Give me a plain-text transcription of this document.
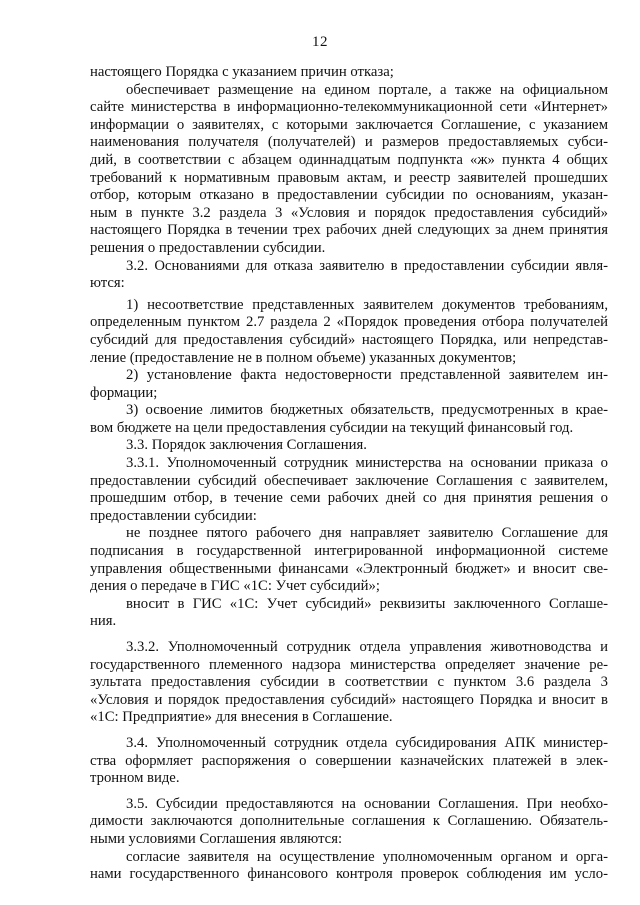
12
настоящего Порядка с указанием причин отказа;
обеспечивает размещение на едином портале, а также на официальном
сайте министерства в информационно-телекоммуникационной сети «Интернет»
информации о заявителях, с которыми заключается Соглашение, с указанием
наименования получателя (получателей) и размеров предоставляемых субси-
дий, в соответствии с абзацем одиннадцатым подпункта «ж» пункта 4 общих
требований к нормативным правовым актам, и реестр заявителей прошедших
отбор, которым отказано в предоставлении субсидии по основаниям, указан-
ным в пункте 3.2 раздела 3 «Условия и порядок предоставления субсидий»
настоящего Порядка в течении трех рабочих дней следующих за днем принятия
решения о предоставлении субсидии.
3.2. Основаниями для отказа заявителю в предоставлении субсидии явля-
ются:
1) несоответствие представленных заявителем документов требованиям,
определенным пунктом 2.7 раздела 2 «Порядок проведения отбора получателей
субсидий для предоставления субсидий» настоящего Порядка, или непредстав-
ление (предоставление не в полном объеме) указанных документов;
2) установление факта недостоверности представленной заявителем ин-
формации;
3) освоение лимитов бюджетных обязательств, предусмотренных в крае-
вом бюджете на цели предоставления субсидии на текущий финансовый год.
3.3. Порядок заключения Соглашения.
3.3.1. Уполномоченный сотрудник министерства на основании приказа о
предоставлении субсидий обеспечивает заключение Соглашения с заявителем,
прошедшим отбор, в течение семи рабочих дней со дня принятия решения о
предоставлении субсидии:
не позднее пятого рабочего дня направляет заявителю Соглашение для
подписания в государственной интегрированной информационной системе
управления общественными финансами «Электронный бюджет» и вносит све-
дения о передаче в ГИС «1С: Учет субсидий»;
вносит в ГИС «1С: Учет субсидий» реквизиты заключенного Соглаше-
ния.
3.3.2. Уполномоченный сотрудник отдела управления животноводства и
государственного племенного надзора министерства определяет значение ре-
зультата предоставления субсидии в соответствии с пунктом 3.6 раздела 3
«Условия и порядок предоставления субсидий» настоящего Порядка и вносит в
«1С: Предприятие» для внесения в Соглашение.
3.4. Уполномоченный сотрудник отдела субсидирования АПК министер-
ства оформляет распоряжения о совершении казначейских платежей в элек-
тронном виде.
3.5. Субсидии предоставляются на основании Соглашения. При необхо-
димости заключаются дополнительные соглашения к Соглашению. Обязатель-
ными условиями Соглашения являются:
согласие заявителя на осуществление уполномоченным органом и орга-
нами государственного финансового контроля проверок соблюдения им усло-
